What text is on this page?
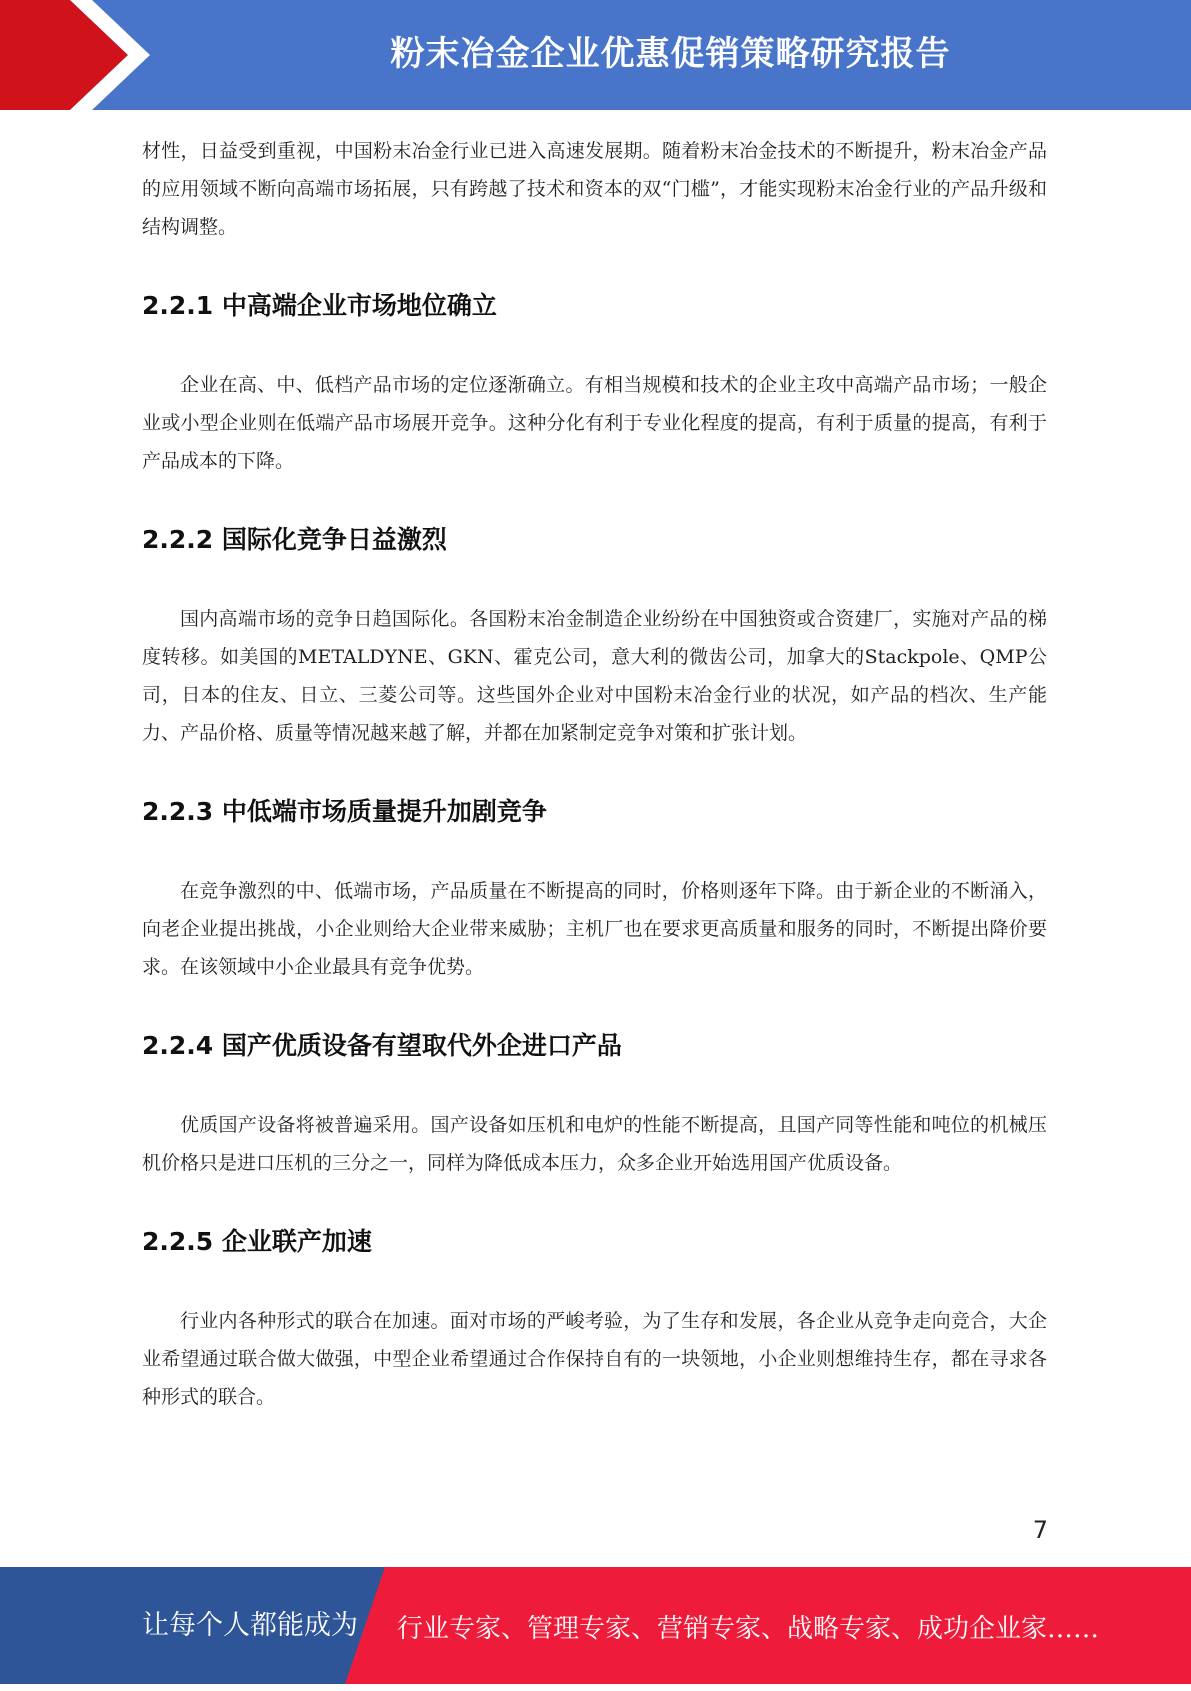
粉末冶金企业优惠促销策略研究报告

材性，日益受到重视，中国粉末冶金行业已进入高速发展期。随着粉末冶金技术的不断提升，粉末冶金产品的应用领域不断向高端市场拓展，只有跨越了技术和资本的双“门槛”，才能实现粉末冶金行业的产品升级和结构调整。

2.2.1 中高端企业市场地位确立

企业在高、中、低档产品市场的定位逐渐确立。有相当规模和技术的企业主攻中高端产品市场；一般企业或小型企业则在低端产品市场展开竞争。这种分化有利于专业化程度的提高，有利于质量的提高，有利于产品成本的下降。

2.2.2 国际化竞争日益激烈

国内高端市场的竞争日趋国际化。各国粉末冶金制造企业纷纷在中国独资或合资建厂，实施对产品的梯度转移。如美国的METALDYNE、GKN、霍克公司，意大利的微齿公司，加拿大的Stackpole、QMP公司，日本的住友、日立、三菱公司等。这些国外企业对中国粉末冶金行业的状况，如产品的档次、生产能力、产品价格、质量等情况越来越了解，并都在加紧制定竞争对策和扩张计划。

2.2.3 中低端市场质量提升加剧竞争

在竞争激烈的中、低端市场，产品质量在不断提高的同时，价格则逐年下降。由于新企业的不断涌入，向老企业提出挑战，小企业则给大企业带来威胁；主机厂也在要求更高质量和服务的同时，不断提出降价要求。在该领域中小企业最具有竞争优势。

2.2.4 国产优质设备有望取代外企进口产品

优质国产设备将被普遍采用。国产设备如压机和电炉的性能不断提高，且国产同等性能和吨位的机械压机价格只是进口压机的三分之一，同样为降低成本压力，众多企业开始选用国产优质设备。

2.2.5 企业联产加速

行业内各种形式的联合在加速。面对市场的严峻考验，为了生存和发展，各企业从竞争走向竞合，大企业希望通过联合做大做强，中型企业希望通过合作保持自有的一块领地，小企业则想维持生存，都在寻求各种形式的联合。

7
让每个人都能成为 行业专家、管理专家、营销专家、战略专家、成功企业家……
